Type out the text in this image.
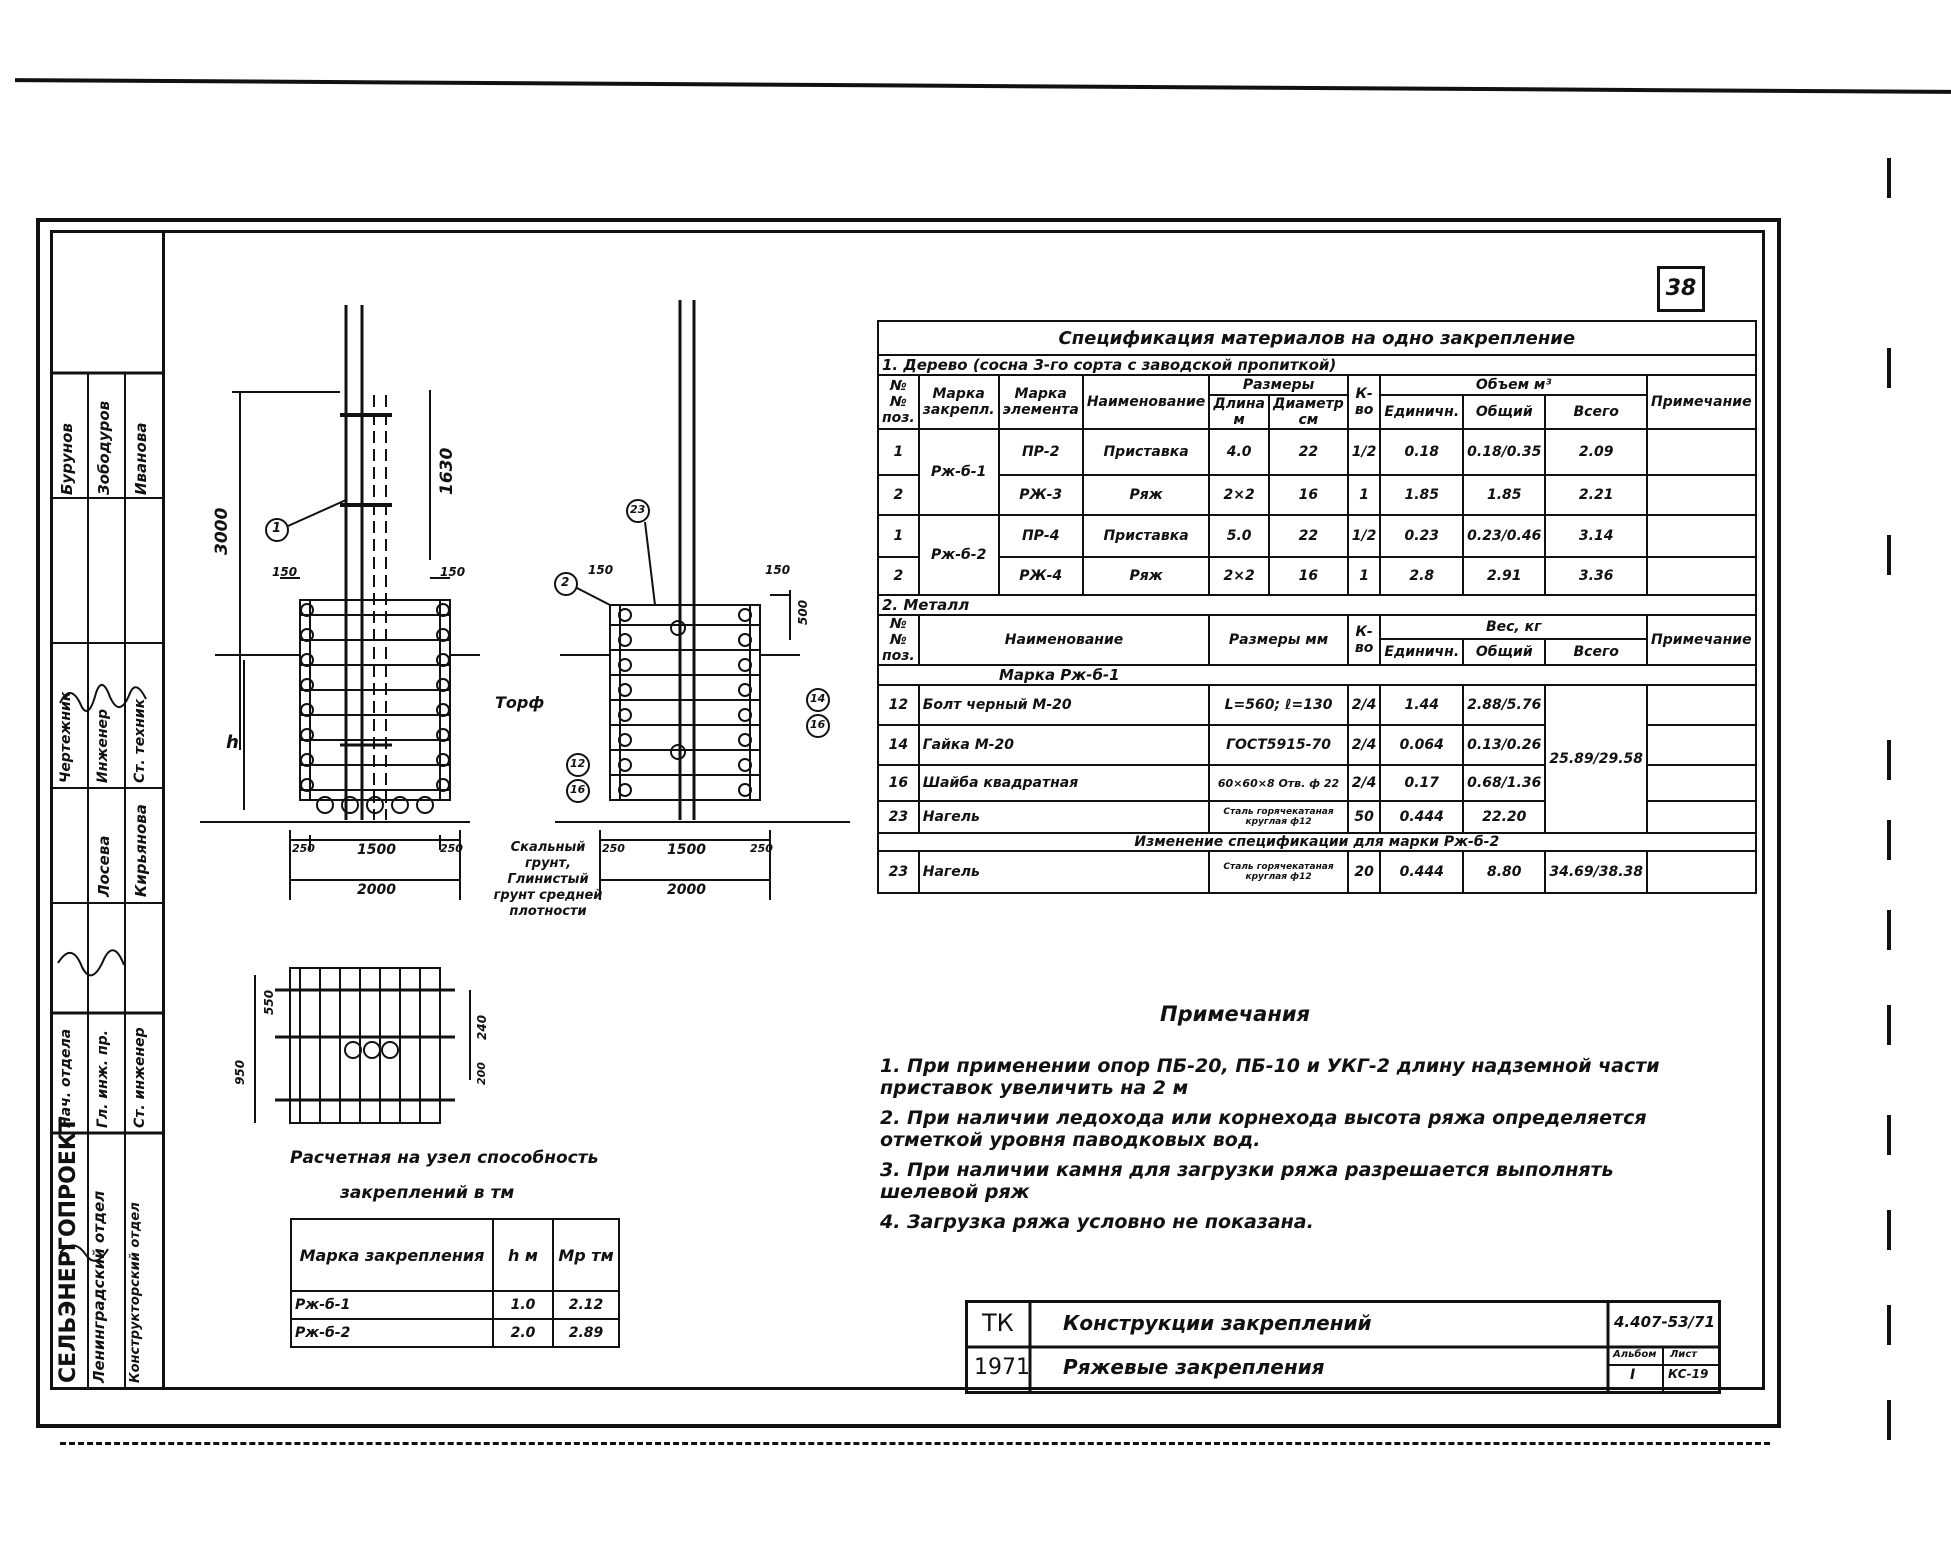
38
СЕЛЬЭНЕРГОПРОЕКТ Ленинградский отдел Конструкторский отдел
Нач. отдела Гл. инж. пр. Ст. инженер
Чертежник Инженер Ст. техник
Бурунов Зободуров Иванова
Лосева Кирьянова
3000
1630
150	150	150	150
500
h
Торф
250	1500	250
2000
250	1500	250
2000
Скальный
грунт,
Глинистый
грунт средней
плотности
1
23
2
14
16
12
16
550
950
240
200
Спецификация материалов на одно закрепление										
1. Дерево (сосна 3-го сорта с заводской пропиткой)										
№№ поз.	Марка закрепл.	Марка элемента	Наименование	Размеры		К-во	Объем м³			Примечание
				Длина м	Диаметр см		Единичн.	Общий	Всего	
1	Рж-б-1	ПР-2	Приставка	4.0	22	1/2	0.18	0.18/0.35	2.09	
2		РЖ-3	Ряж	2×2	16	1	1.85	1.85	2.21	
1	Рж-б-2	ПР-4	Приставка	5.0	22	1/2	0.23	0.23/0.46	3.14	
2		РЖ-4	Ряж	2×2	16	1	2.8	2.91	3.36	
2. Металл										
№№ поз.	Наименование			Размеры мм		К-во	Вес, кг			Примечание
							Единичн.	Общий	Всего	
Марка Рж-б-1										
12	Болт черный М-20			L=560; ℓ=130		2/4	1.44	2.88/5.76	25.89/29.58	
14	Гайка М-20			ГОСТ5915-70		2/4	0.064	0.13/0.26		
16	Шайба квадратная			60×60×8 Отв. ф 22		2/4	0.17	0.68/1.36		
23	Нагель			Сталь горячекатаная круглая ф12		50	0.444	22.20		
Изменение спецификации для марки Рж-б-2										
23	Нагель			Сталь горячекатаная круглая ф12		20	0.444	8.80	34.69/38.38	
Примечания

1. При применении опор ПБ-20, ПБ-10 и УКГ-2 длину надземной части приставок увеличить на 2 м

2. При наличии ледохода или корнехода высота ряжа определяется отметкой уровня паводковых вод.

3. При наличии камня для загрузки ряжа разрешается выполнять шелевой ряж

4. Загрузка ряжа условно не показана.

Расчетная на узел способность
закреплений в тм
Марка закрепления	h м	Мр тм
Рж-б-1	1.0	2.12
Рж-б-2	2.0	2.89	ТК
1971
Конструкции закреплений
Ряжевые закрепления
4.407-53/71
Альбом
I
Лист
КС-19
